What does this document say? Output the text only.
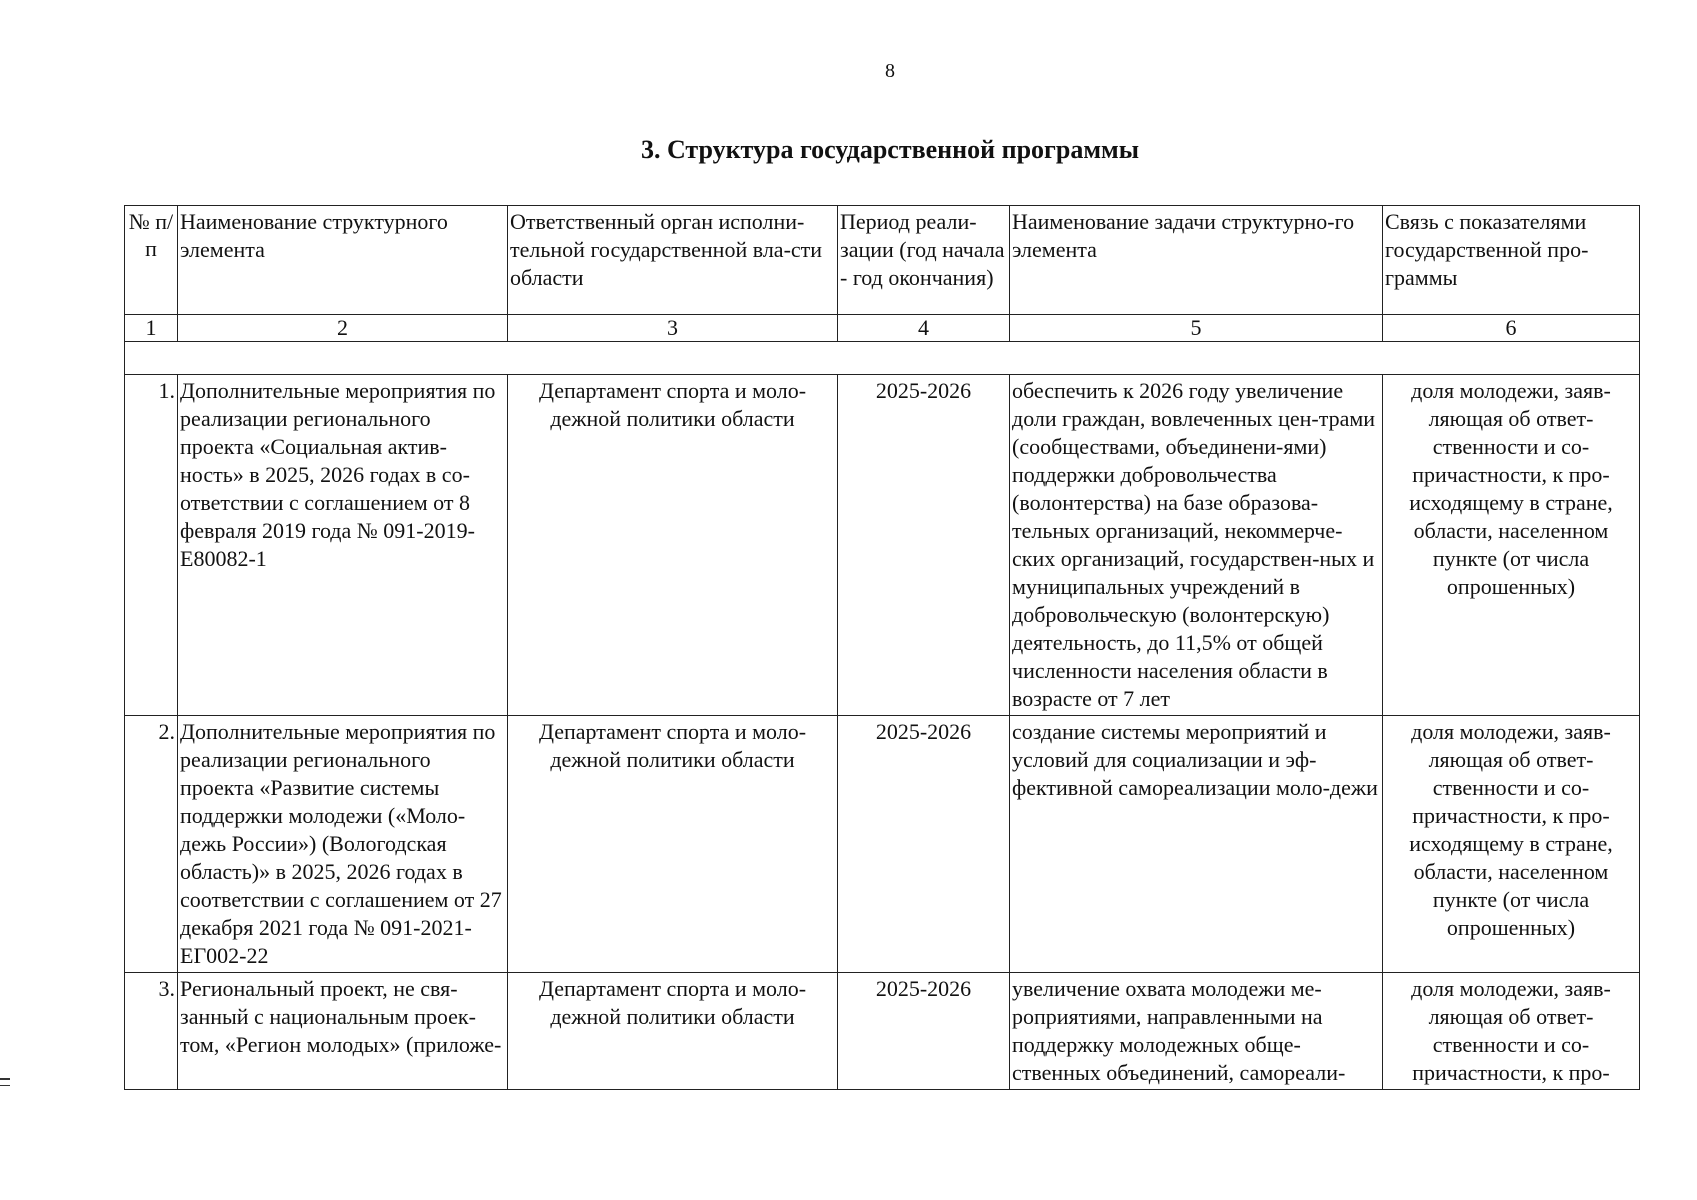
8
3. Структура государственной программы
№ п/п	Наименование структурного элемента	Ответственный орган исполни-тельной государственной вла-сти области	Период реали-зации (год начала - год окончания)	Наименование задачи структурно-го элемента	Связь с показателями государственной про-граммы
1	2	3	4	5	6

1.	Дополнительные мероприятия по реализации регионального проекта «Социальная актив-ность» в 2025, 2026 годах в со-ответствии с соглашением от 8 февраля 2019 года № 091-2019-Е80082-1	Департамент спорта и моло-дежной политики области	2025-2026	обеспечить к 2026 году увеличение доли граждан, вовлеченных цен-трами (сообществами, объединени-ями) поддержки добровольчества (волонтерства) на базе образова-тельных организаций, некоммерче-ских организаций, государствен-ных и муниципальных учреждений в добровольческую (волонтерскую) деятельность, до 11,5% от общей численности населения области в возрасте от 7 лет	доля молодежи, заяв-ляющая об ответ-ственности и со-причастности, к про-исходящему в стране, области, населенном пункте (от числа опрошенных)
2.	Дополнительные мероприятия по реализации регионального проекта «Развитие системы поддержки молодежи («Моло-дежь России») (Вологодская область)» в 2025, 2026 годах в соответствии с соглашением от 27 декабря 2021 года № 091-2021-ЕГ002-22	Департамент спорта и моло-дежной политики области	2025-2026	создание системы мероприятий и условий для социализации и эф-фективной самореализации моло-дежи	доля молодежи, заяв-ляющая об ответ-ственности и со-причастности, к про-исходящему в стране, области, населенном пункте (от числа опрошенных)
3.	Региональный проект, не свя-занный с национальным проек-том, «Регион молодых» (приложе-	Департамент спорта и моло-дежной политики области	2025-2026	увеличение охвата молодежи ме-роприятиями, направленными на поддержку молодежных обще-ственных объединений, самореали-	доля молодежи, заяв-ляющая об ответ-ственности и со-причастности, к про-
